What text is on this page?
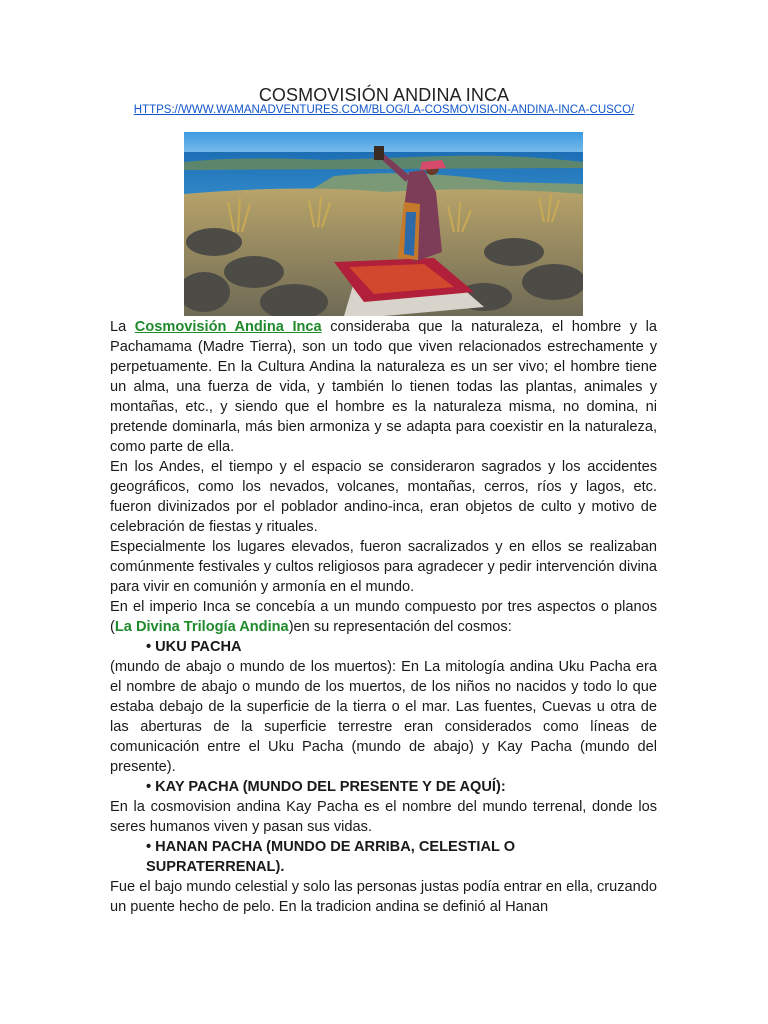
COSMOVISIÓN ANDINA INCA
HTTPS://WWW.WAMANADVENTURES.COM/BLOG/LA-COSMOVISION-ANDINA-INCA-CUSCO/

La Cosmovisión Andina Inca consideraba que la naturaleza, el hombre y la Pachamama (Madre Tierra), son un todo que viven relacionados estrechamente y perpetuamente. En la Cultura Andina la naturaleza es un ser vivo; el hombre tiene un alma, una fuerza de vida, y también lo tienen todas las plantas, animales y montañas, etc., y siendo que el hombre es la naturaleza misma, no domina, ni pretende dominarla, más bien armoniza y se adapta para coexistir en la naturaleza, como parte de ella.

En los Andes, el tiempo y el espacio se consideraron sagrados y los accidentes geográficos, como los nevados, volcanes, montañas, cerros, ríos y lagos, etc. fueron divinizados por el poblador andino-inca, eran objetos de culto y motivo de celebración de fiestas y rituales.

Especialmente los lugares elevados, fueron sacralizados y en ellos se realizaban comúnmente festivales y cultos religiosos para agradecer y pedir intervención divina para vivir en comunión y armonía en el mundo.

En el imperio Inca se concebía a un mundo compuesto por tres aspectos o planos (La Divina Trilogía Andina)en su representación del cosmos:

• UKU PACHA

(mundo de abajo o mundo de los muertos): En La mitología andina Uku Pacha era el nombre de abajo o mundo de los muertos, de los niños no nacidos y todo lo que estaba debajo de la superficie de la tierra o el mar. Las fuentes, Cuevas u otra de las aberturas de la superficie terrestre eran considerados como líneas de comunicación entre el Uku Pacha (mundo de abajo) y Kay Pacha (mundo del presente).

• KAY PACHA (MUNDO DEL PRESENTE Y DE AQUÍ):

En la cosmovision andina Kay Pacha es el nombre del mundo terrenal, donde los seres humanos viven y pasan sus vidas.

• HANAN PACHA (MUNDO DE ARRIBA, CELESTIAL O SUPRATERRENAL).

Fue el bajo mundo celestial y solo las personas justas podía entrar en ella, cruzando un puente hecho de pelo. En la tradicion andina se definió al Hanan
